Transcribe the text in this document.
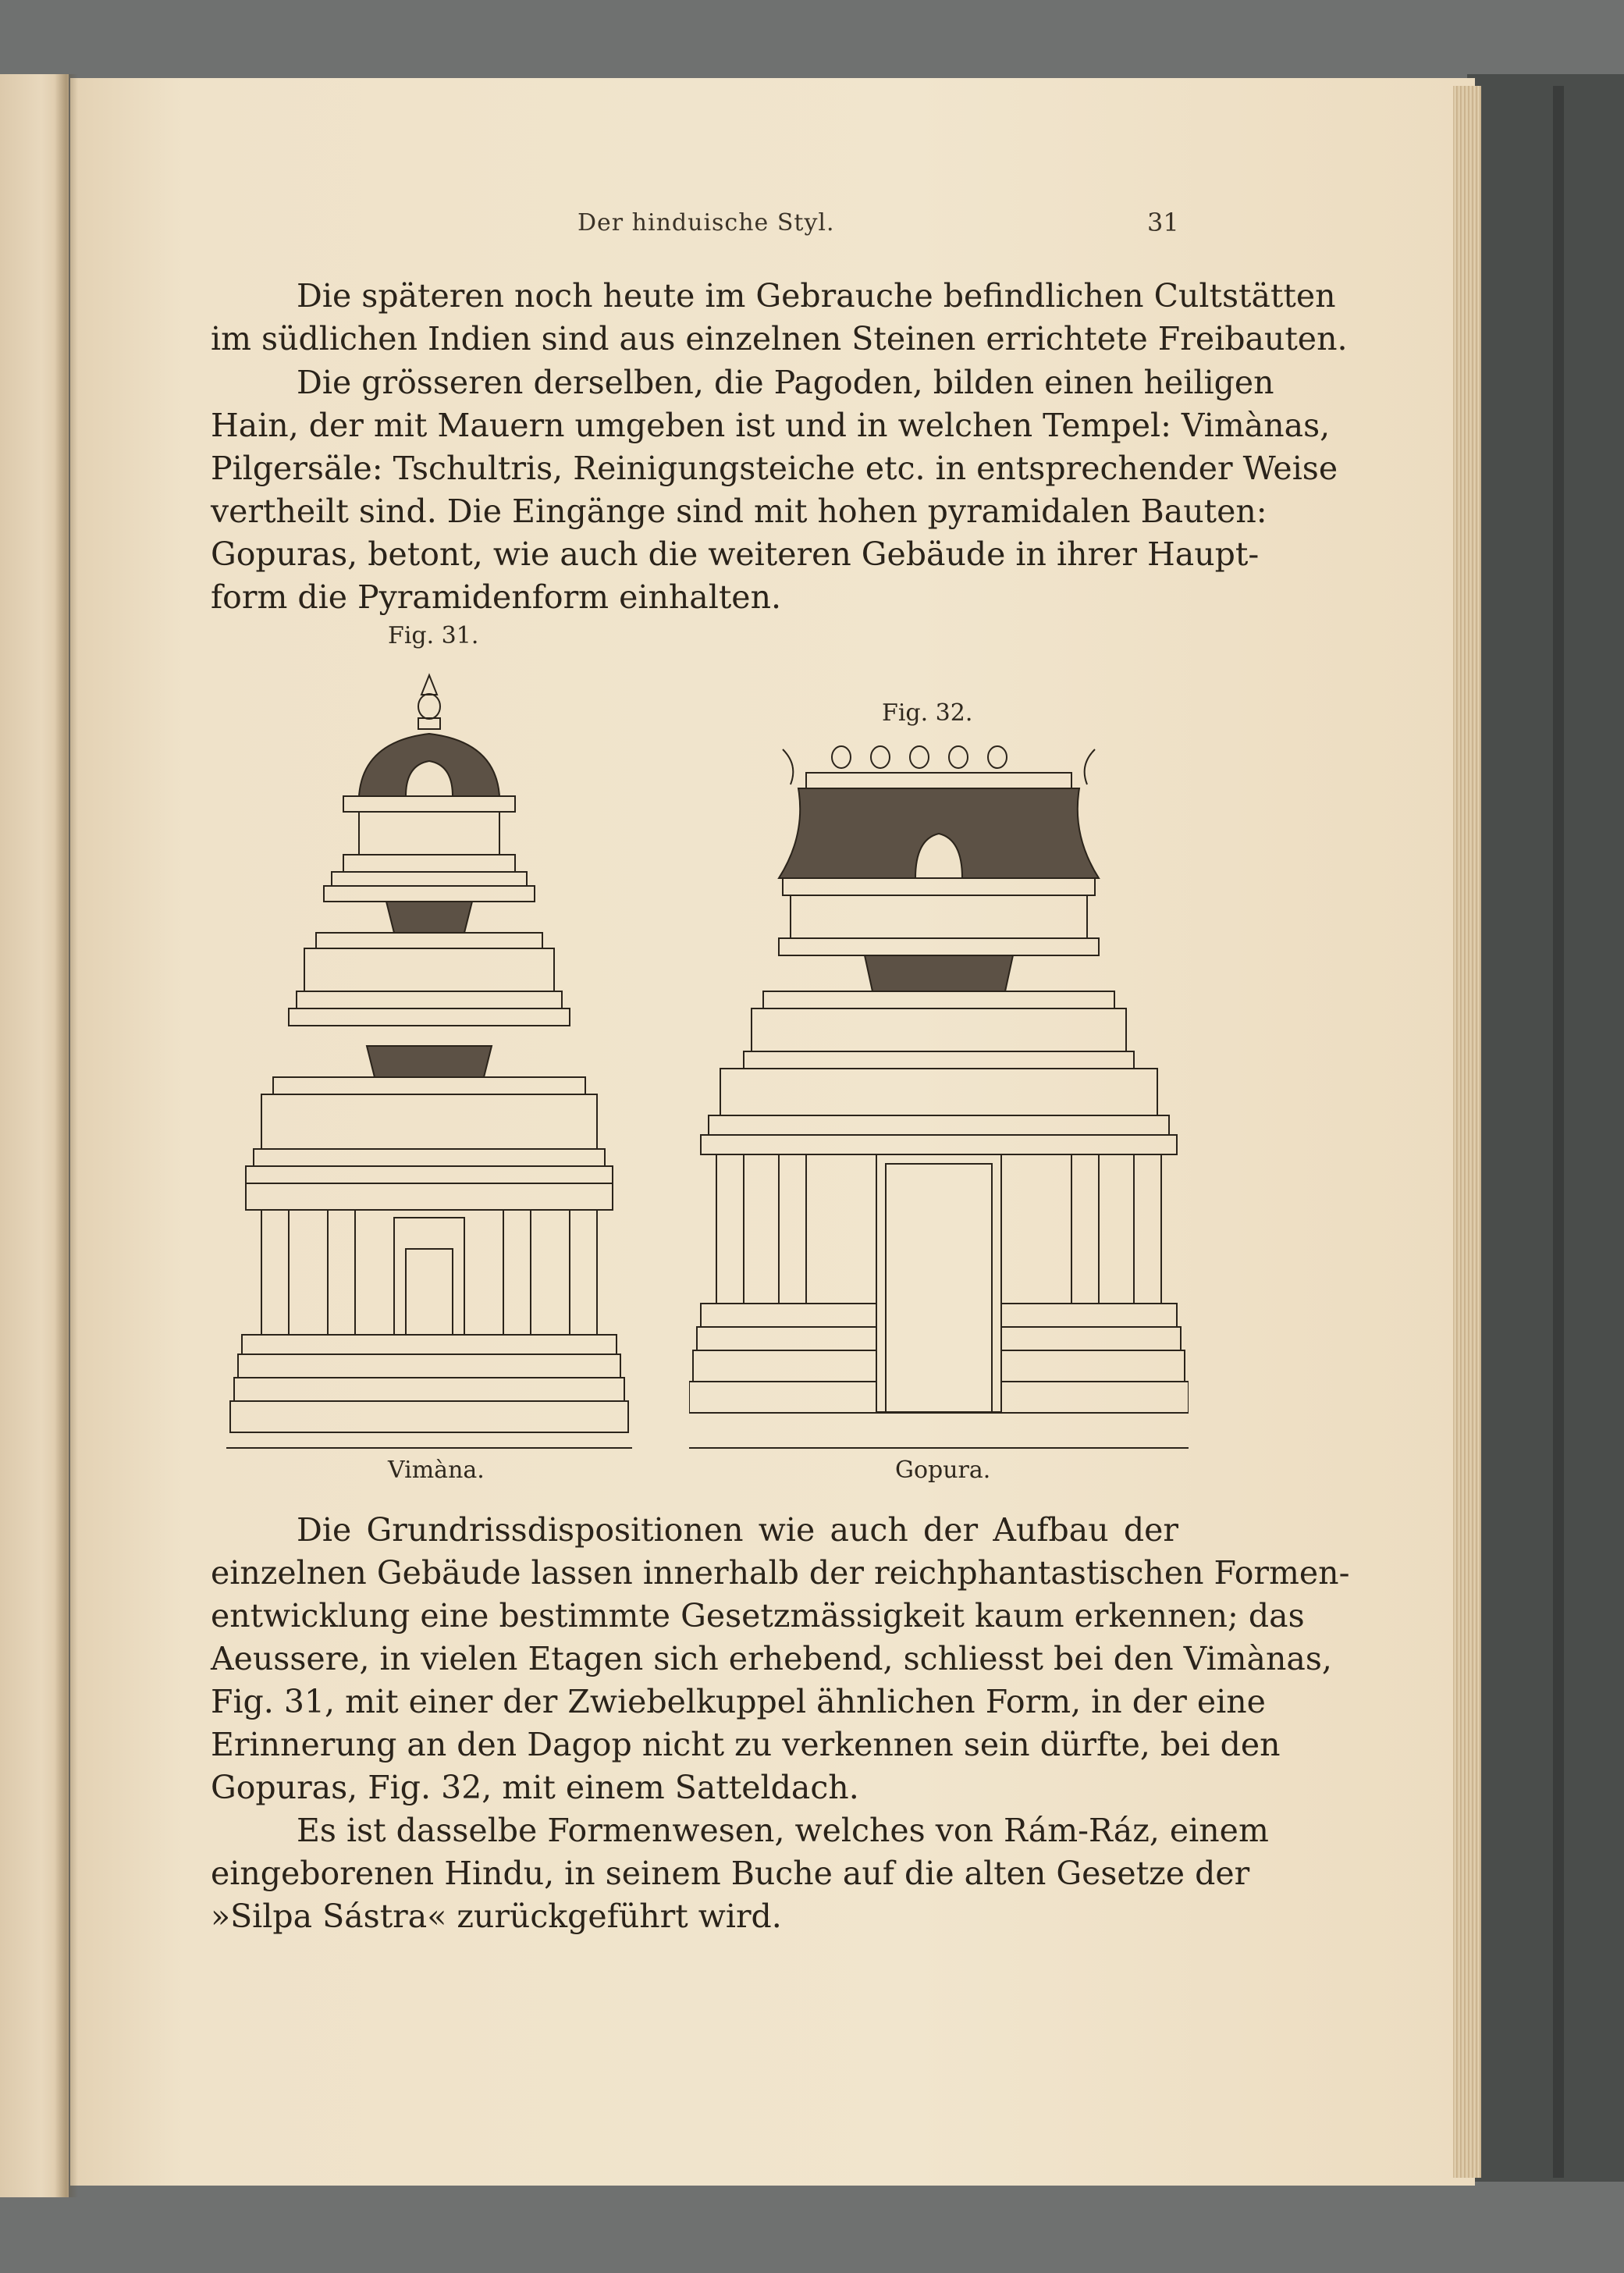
Der hinduische Styl.	31
Die späteren noch heute im Gebrauche befindlichen Cultstätten
im südlichen Indien sind aus einzelnen Steinen errichtete Freibauten.
Die grösseren derselben, die Pagoden, bilden einen heiligen
Hain, der mit Mauern umgeben ist und in welchen Tempel: Vimànas,
Pilgersäle: Tschultris, Reinigungsteiche etc. in entsprechender Weise
vertheilt sind. Die Eingänge sind mit hohen pyramidalen Bauten:
Gopuras, betont, wie auch die weiteren Gebäude in ihrer Haupt-
form die Pyramidenform einhalten.
Fig. 31.
Fig. 32.
Vimàna.	Gopura.
Die Grundrissdispositionen wie auch der Aufbau der
einzelnen Gebäude lassen innerhalb der reichphantastischen Formen-
entwicklung eine bestimmte Gesetzmässigkeit kaum erkennen; das
Aeussere, in vielen Etagen sich erhebend, schliesst bei den Vimànas,
Fig. 31, mit einer der Zwiebelkuppel ähnlichen Form, in der eine
Erinnerung an den Dagop nicht zu verkennen sein dürfte, bei den
Gopuras, Fig. 32, mit einem Satteldach.
Es ist dasselbe Formenwesen, welches von Rám-Ráz, einem
eingeborenen Hindu, in seinem Buche auf die alten Gesetze der
»Silpa Sástra« zurückgeführt wird.
